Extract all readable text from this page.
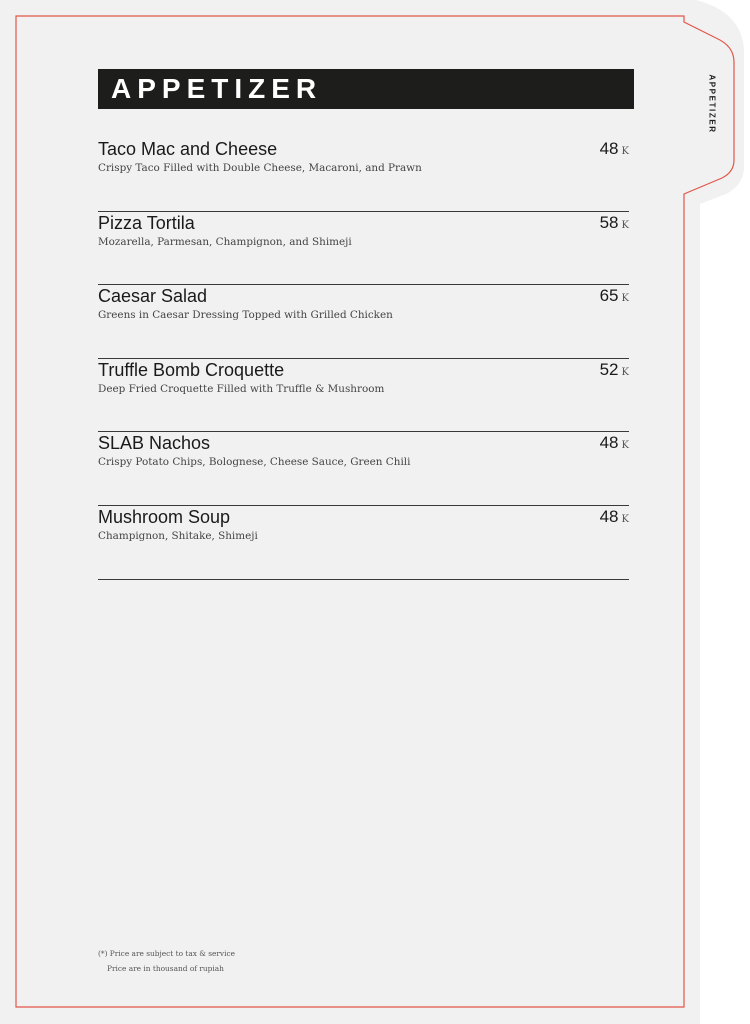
APPETIZER
APPETIZER
Taco Mac and Cheese
Crispy Taco Filled with Double Cheese, Macaroni, and Prawn
48 K
Pizza Tortila
Mozarella, Parmesan, Champignon, and Shimeji
58 K
Caesar Salad
Greens in Caesar Dressing Topped with Grilled Chicken
65 K
Truffle Bomb Croquette
Deep Fried Croquette Filled with Truffle & Mushroom
52 K
SLAB Nachos
Crispy Potato Chips, Bolognese, Cheese Sauce, Green Chili
48 K
Mushroom Soup
Champignon, Shitake, Shimeji
48 K
(*) Price are subject to tax & service
Price are in thousand of rupiah
